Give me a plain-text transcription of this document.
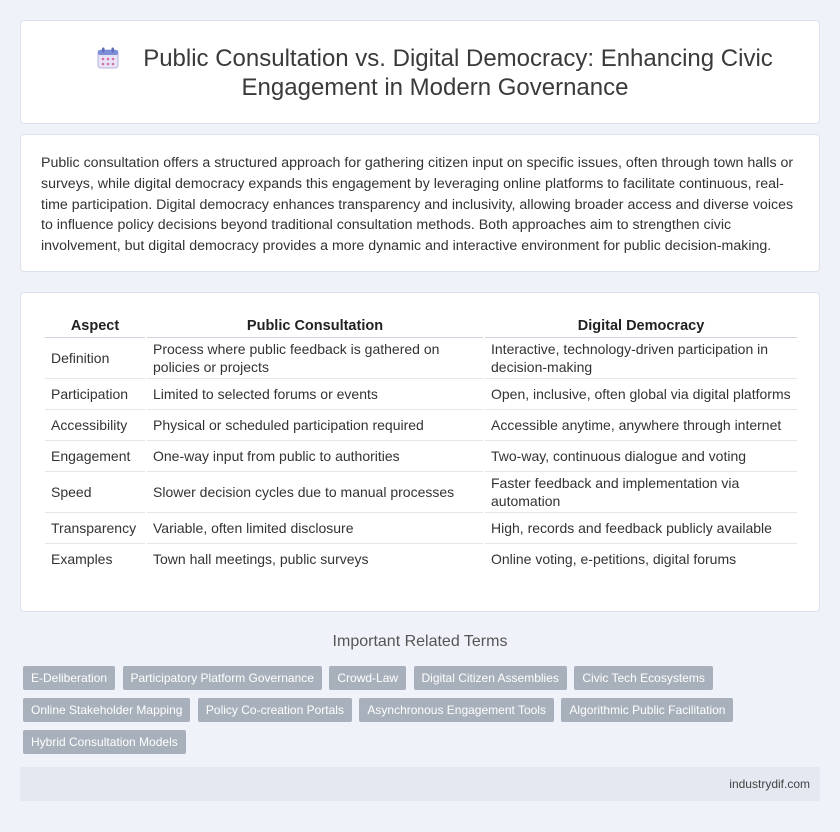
Public Consultation vs. Digital Democracy: Enhancing Civic Engagement in Modern Governance
Public consultation offers a structured approach for gathering citizen input on specific issues, often through town halls or surveys, while digital democracy expands this engagement by leveraging online platforms to facilitate continuous, real-time participation. Digital democracy enhances transparency and inclusivity, allowing broader access and diverse voices to influence policy decisions beyond traditional consultation methods. Both approaches aim to strengthen civic involvement, but digital democracy provides a more dynamic and interactive environment for public decision-making.
Aspect	Public Consultation	Digital Democracy
Definition	Process where public feedback is gathered on policies or projects	Interactive, technology-driven participation in decision-making
Participation	Limited to selected forums or events	Open, inclusive, often global via digital platforms
Accessibility	Physical or scheduled participation required	Accessible anytime, anywhere through internet
Engagement	One-way input from public to authorities	Two-way, continuous dialogue and voting
Speed	Slower decision cycles due to manual processes	Faster feedback and implementation via automation
Transparency	Variable, often limited disclosure	High, records and feedback publicly available
Examples	Town hall meetings, public surveys	Online voting, e-petitions, digital forums
Important Related Terms
E-Deliberation Participatory Platform Governance Crowd-Law Digital Citizen Assemblies Civic Tech Ecosystems Online Stakeholder Mapping Policy Co-creation Portals Asynchronous Engagement Tools Algorithmic Public Facilitation Hybrid Consultation Models
industrydif.com
